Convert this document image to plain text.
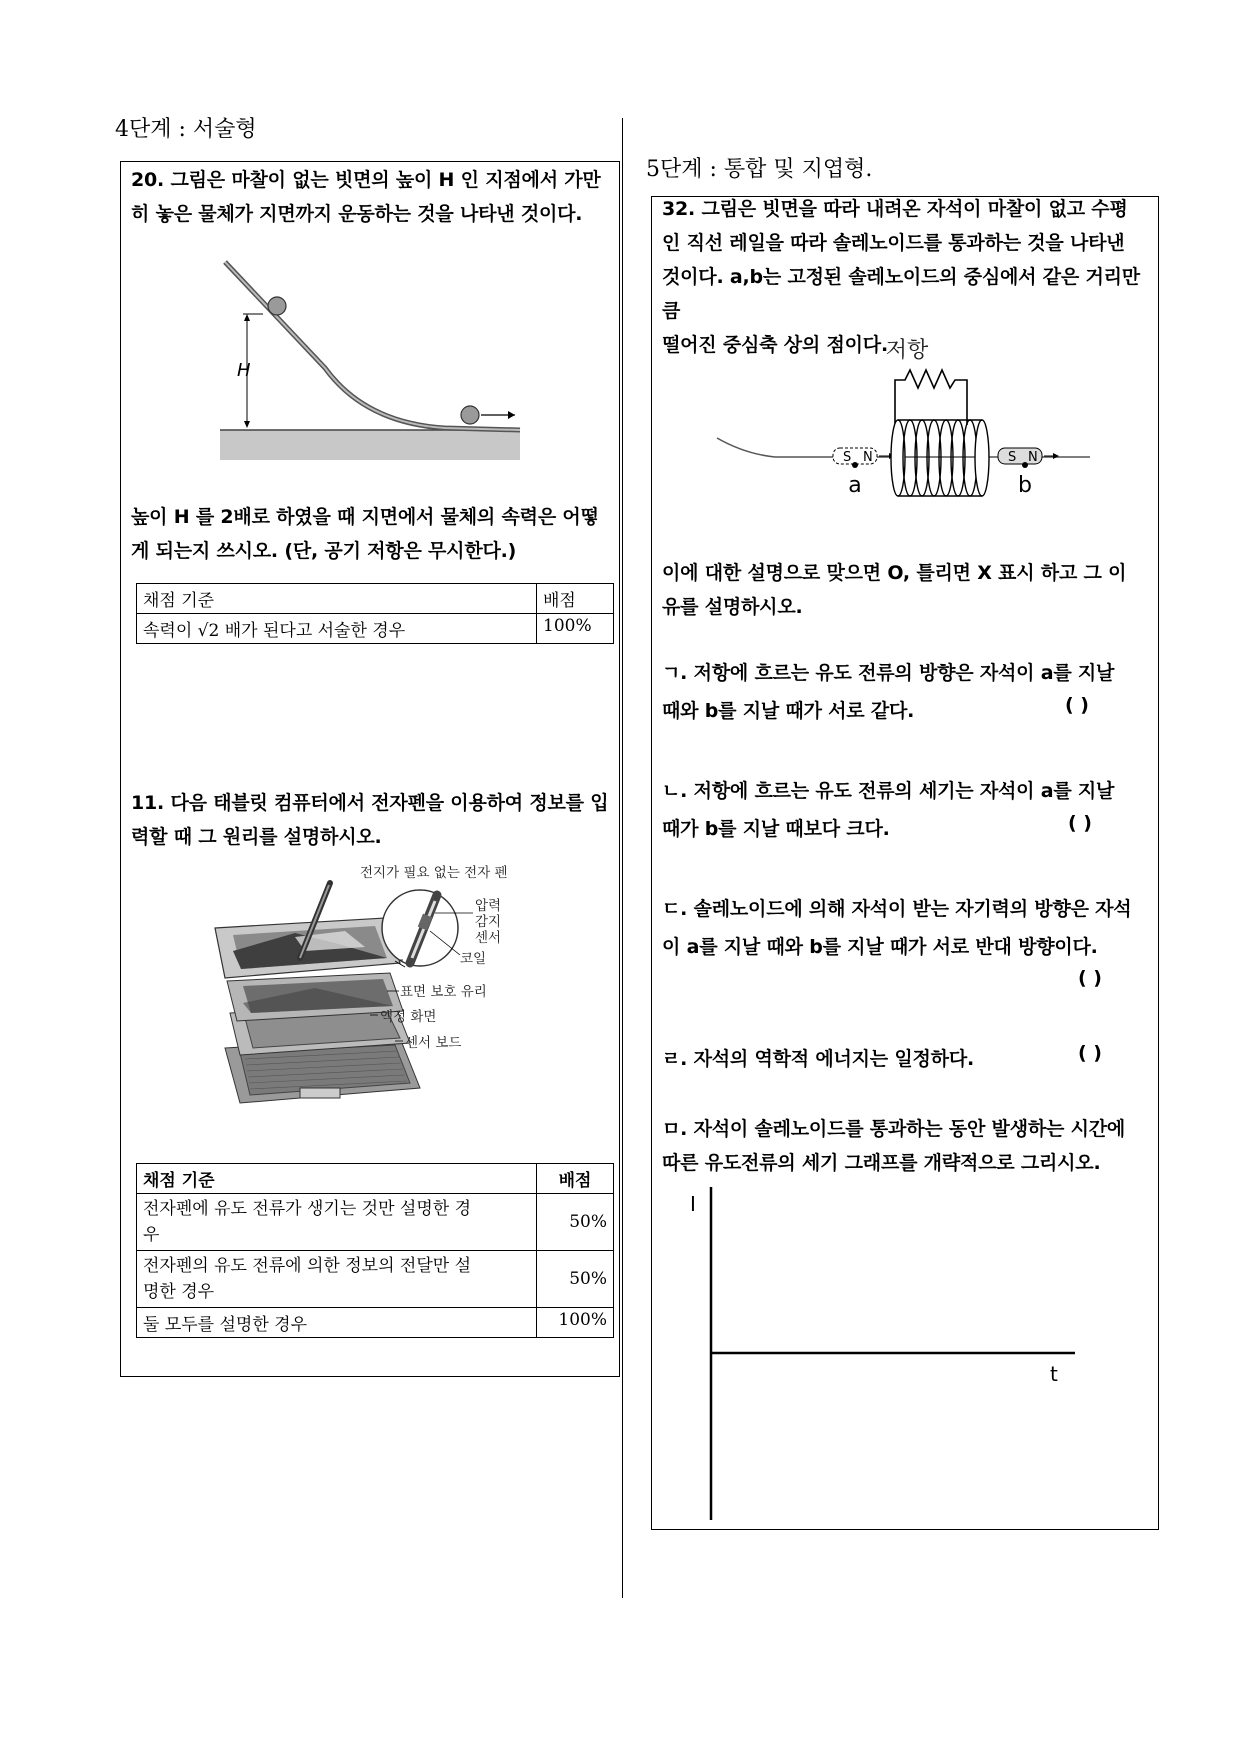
4단계 : 서술형
20. 그림은 마찰이 없는 빗면의 높이 H 인 지점에서 가만
히 놓은 물체가 지면까지 운동하는 것을 나타낸 것이다.
H
높이 H 를 2배로 하였을 때 지면에서 물체의 속력은 어떻
게 되는지 쓰시오. (단, 공기 저항은 무시한다.)
채점 기준	배점
속력이 √2 배가 된다고 서술한 경우	100%
11. 다음 태블릿 컴퓨터에서 전자펜을 이용하여 정보를 입
력할 때 그 원리를 설명하시오.
전지가 필요 없는 전자 펜
압력
감지
센서
코일
표면 보호 유리
액정 화면
센서 보드
채점 기준	배점

전자펜에 유도 전류가 생기는 것만 설명한 경
우	50%

전자펜의 유도 전류에 의한 정보의 전달만 설
명한 경우	50%
둘 모두를 설명한 경우	100%
5단계 : 통합 및 지엽형.
32. 그림은 빗면을 따라 내려온 자석이 마찰이 없고 수평
인 직선 레일을 따라 솔레노이드를 통과하는 것을 나타낸
것이다. a,b는 고정된 솔레노이드의 중심에서 같은 거리만큼
떨어진 중심축 상의 점이다.
저항
S N
a
S N
b
이에 대한 설명으로 맞으면 O, 틀리면 X 표시 하고 그 이
유를 설명하시오.
ㄱ. 저항에 흐르는 유도 전류의 방향은 자석이 a를 지날
때와 b를 지날 때가 서로 같다.	( )
ㄴ. 저항에 흐르는 유도 전류의 세기는 자석이 a를 지날
때가 b를 지날 때보다 크다.	( )
ㄷ. 솔레노이드에 의해 자석이 받는 자기력의 방향은 자석
이 a를 지날 때와 b를 지날 때가 서로 반대 방향이다.
( )
ㄹ. 자석의 역학적 에너지는 일정하다.	( )
ㅁ. 자석이 솔레노이드를 통과하는 동안 발생하는 시간에
따른 유도전류의 세기 그래프를 개략적으로 그리시오.
I
t
